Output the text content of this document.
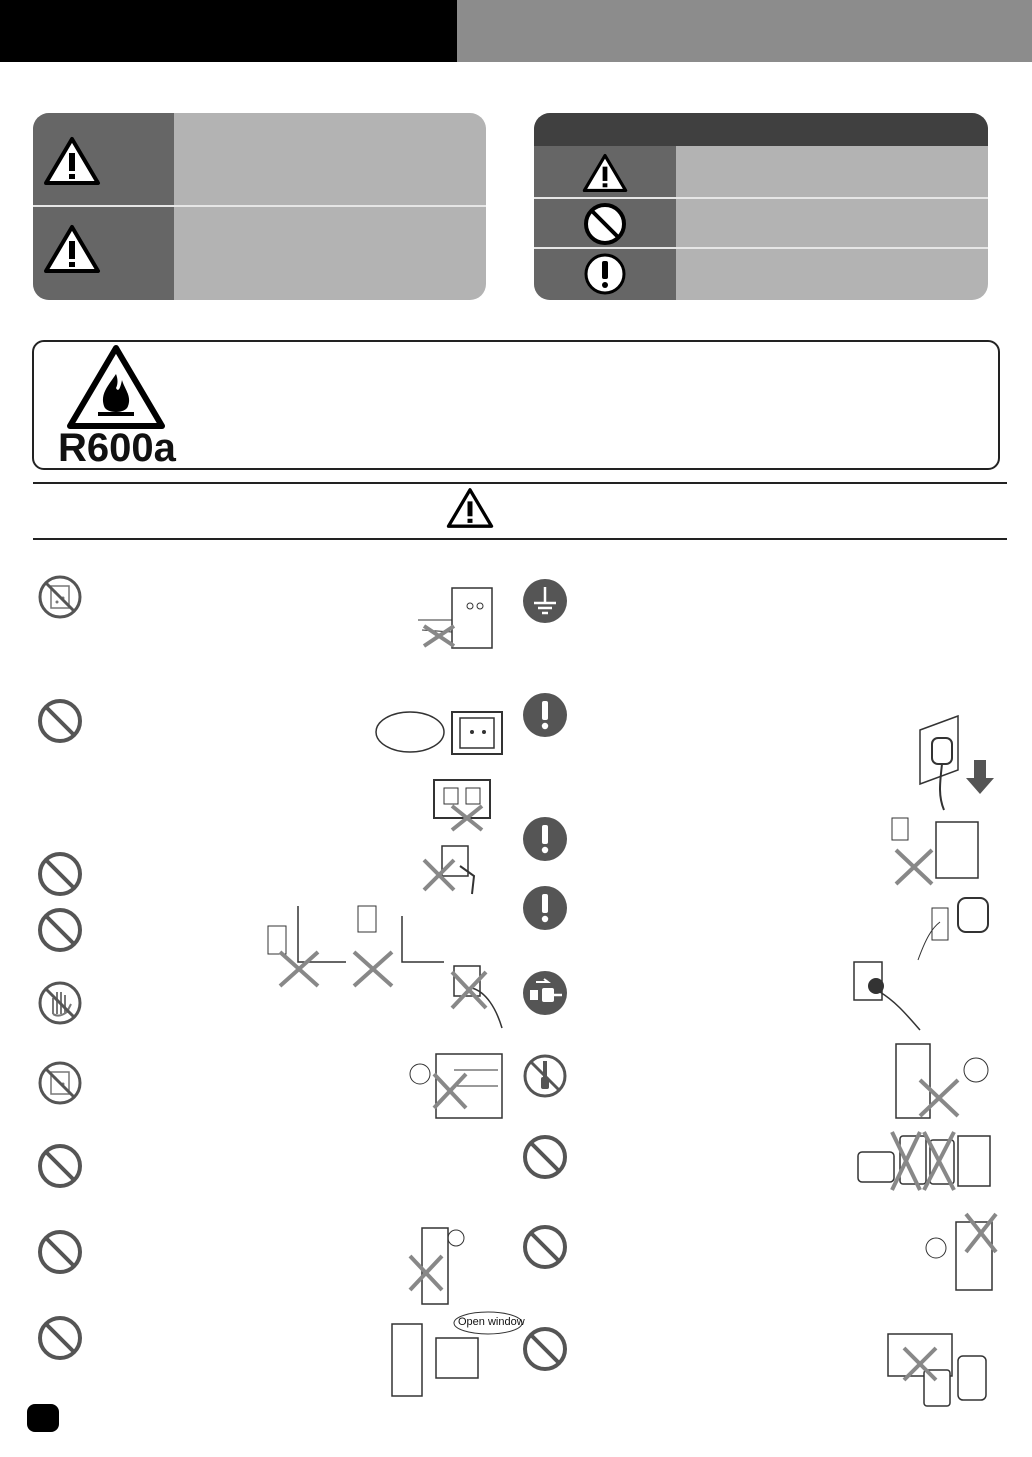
R600a
Open window
